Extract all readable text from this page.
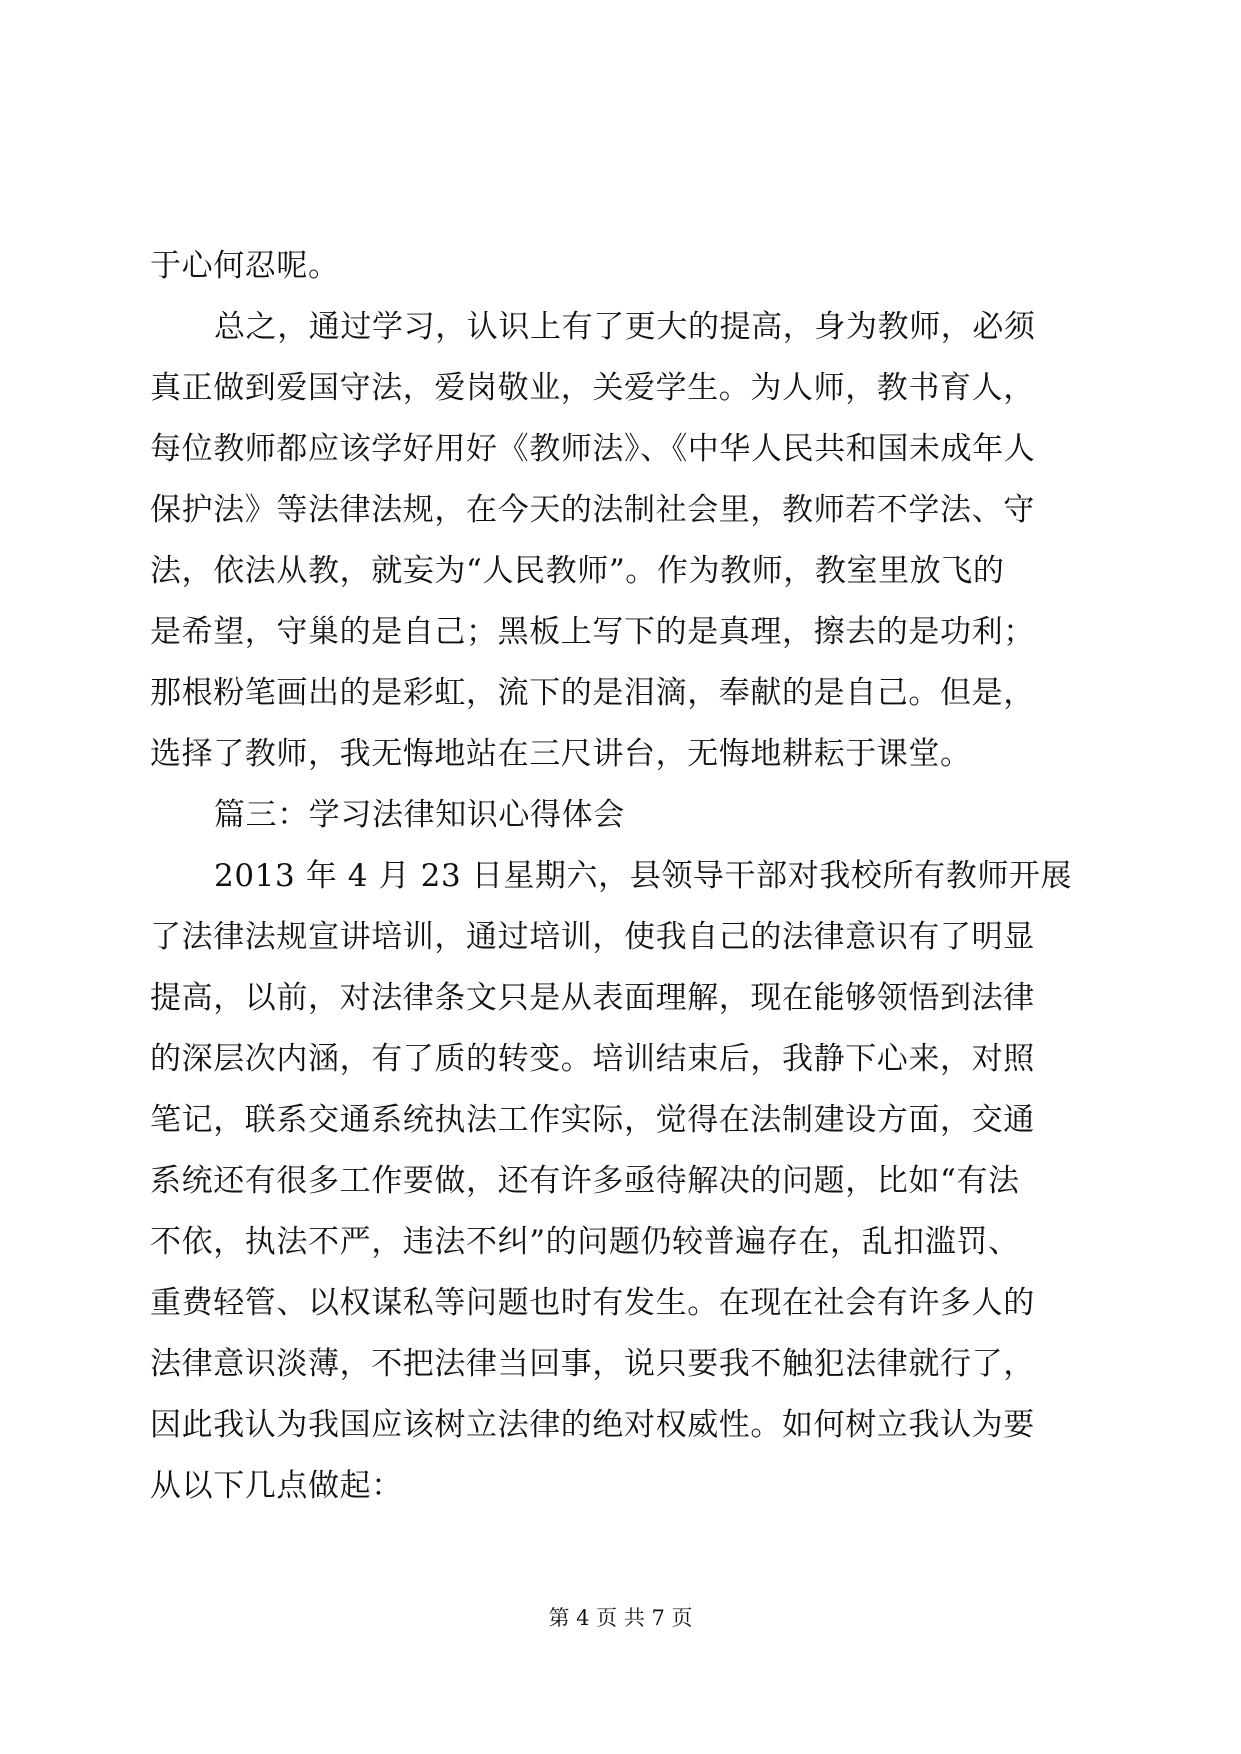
于心何忍呢。
总之，通过学习，认识上有了更大的提高，身为教师，必须
真正做到爱国守法，爱岗敬业，关爱学生。为人师，教书育人，
每位教师都应该学好用好《教师法》、《中华人民共和国未成年人
保护法》等法律法规，在今天的法制社会里，教师若不学法、守
法，依法从教，就妄为“人民教师”。作为教师，教室里放飞的
是希望，守巢的是自己；黑板上写下的是真理，擦去的是功利；
那根粉笔画出的是彩虹，流下的是泪滴，奉献的是自己。但是，
选择了教师，我无悔地站在三尺讲台，无悔地耕耘于课堂。
篇三：学习法律知识心得体会
2013 年 4 月 23 日星期六，县领导干部对我校所有教师开展
了法律法规宣讲培训，通过培训，使我自己的法律意识有了明显
提高，以前，对法律条文只是从表面理解，现在能够领悟到法律
的深层次内涵，有了质的转变。培训结束后，我静下心来，对照
笔记，联系交通系统执法工作实际，觉得在法制建设方面，交通
系统还有很多工作要做，还有许多亟待解决的问题，比如“有法
不依，执法不严，违法不纠”的问题仍较普遍存在，乱扣滥罚、
重费轻管、以权谋私等问题也时有发生。在现在社会有许多人的
法律意识淡薄，不把法律当回事，说只要我不触犯法律就行了，
因此我认为我国应该树立法律的绝对权威性。如何树立我认为要
从以下几点做起：
第 4 页 共 7 页
